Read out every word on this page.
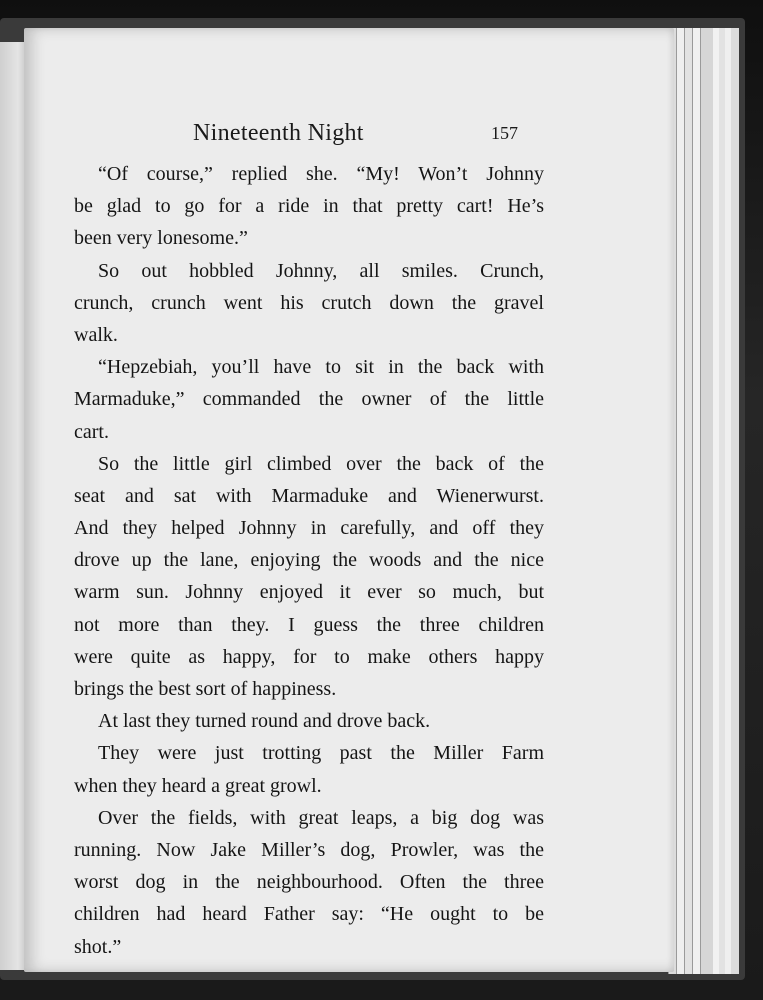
Nineteenth Night	157
“Of course,” replied she. “My! Won’t Johnny
be glad to go for a ride in that pretty cart! He’s
been very lonesome.”
So out hobbled Johnny, all smiles. Crunch,
crunch, crunch went his crutch down the gravel
walk.
“Hepzebiah, you’ll have to sit in the back with
Marmaduke,” commanded the owner of the little
cart.
So the little girl climbed over the back of the
seat and sat with Marmaduke and Wienerwurst.
And they helped Johnny in carefully, and off they
drove up the lane, enjoying the woods and the nice
warm sun. Johnny enjoyed it ever so much, but
not more than they. I guess the three children
were quite as happy, for to make others happy
brings the best sort of happiness.
At last they turned round and drove back.
They were just trotting past the Miller Farm
when they heard a great growl.
Over the fields, with great leaps, a big dog was
running. Now Jake Miller’s dog, Prowler, was the
worst dog in the neighbourhood. Often the three
children had heard Father say: “He ought to be
shot.”
